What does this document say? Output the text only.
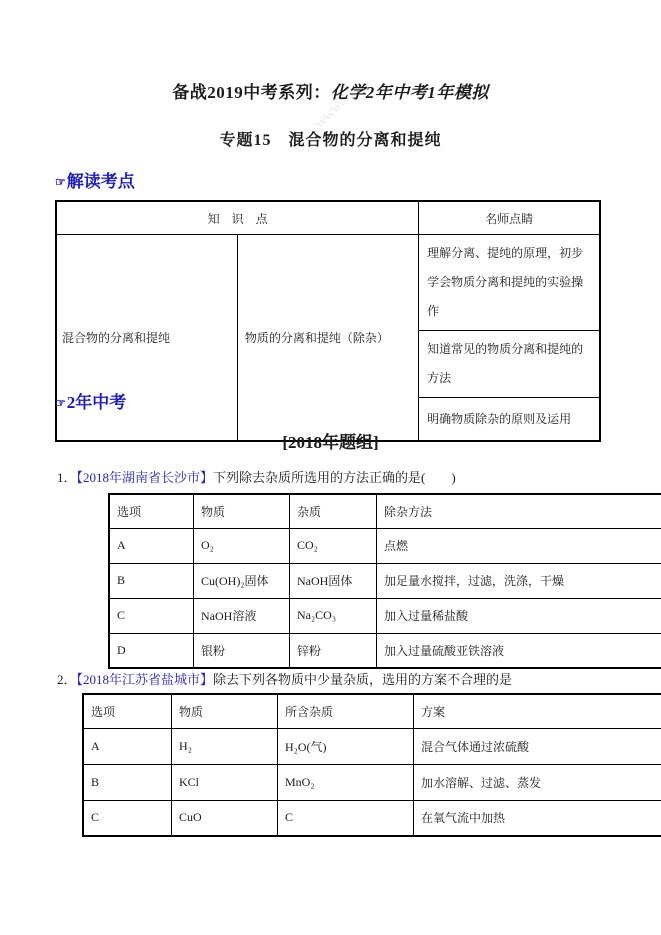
www.21
备战2019中考系列：化学2年中考1年模拟
专题15　混合物的分离和提纯
☞解读考点
知　识　点		名师点睛
混合物的分离和提纯	物质的分离和提纯（除杂）	理解分离、提纯的原理，初步学会物质分离和提纯的实验操作
		知道常见的物质分离和提纯的方法
		明确物质除杂的原则及运用
☞2年中考
[2018年题组]
1．【2018年湖南省长沙市】下列除去杂质所选用的方法正确的是(　　)
选项	物质	杂质	除杂方法
A	O₂	CO₂	点燃
B	Cu(OH)₂固体	NaOH固体	加足量水搅拌，过滤，洗涤，干燥
C	NaOH溶液	Na₂CO₃	加入过量稀盐酸
D	银粉	锌粉	加入过量硫酸亚铁溶液
2．【2018年江苏省盐城市】除去下列各物质中少量杂质，选用的方案不合理的是
选项	物质	所含杂质	方案
A	H₂	H₂O(气)	混合气体通过浓硫酸
B	KCl	MnO₂	加水溶解、过滤、蒸发
C	CuO	C	在氧气流中加热
